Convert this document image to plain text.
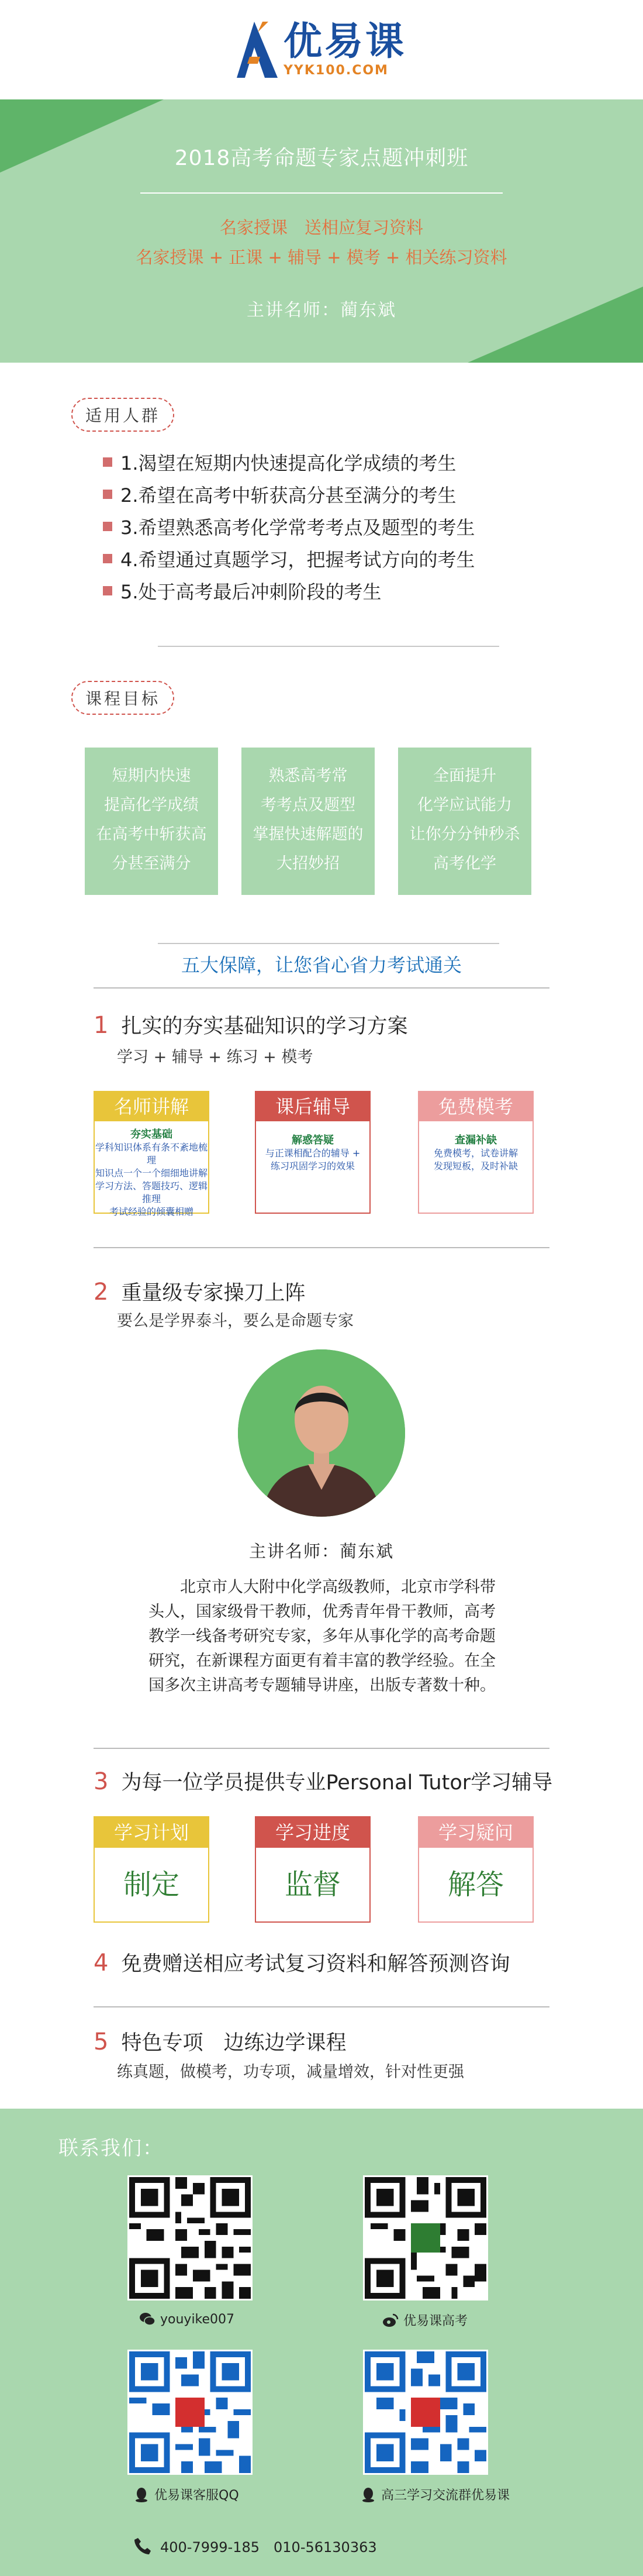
优易课
YYK100.COM
2018高考命题专家点题冲刺班
名家授课　送相应复习资料
名家授课 + 正课 + 辅导 + 模考 + 相关练习资料
主讲名师：蔺东斌
适用人群
1.渴望在短期内快速提高化学成绩的考生
2.希望在高考中斩获高分甚至满分的考生
3.希望熟悉高考化学常考考点及题型的考生
4.希望通过真题学习，把握考试方向的考生
5.处于高考最后冲刺阶段的考生
课程目标
短期内快速
提高化学成绩
在高考中斩获高
分甚至满分
熟悉高考常
考考点及题型
掌握快速解题的
大招妙招
全面提升
化学应试能力
让你分分钟秒杀
高考化学
五大保障，让您省心省力考试通关
1 扎实的夯实基础知识的学习方案
学习 + 辅导 + 练习 + 模考
名师讲解
夯实基础
学科知识体系有条不紊地梳理
知识点一个一个细细地讲解
学习方法、答题技巧、逻辑推理
考试经验的倾囊相赠
课后辅导
解惑答疑
与正课相配合的辅导 +
练习巩固学习的效果
免费模考
查漏补缺
免费模考，试卷讲解
发现短板，及时补缺
2 重量级专家操刀上阵
要么是学界泰斗，要么是命题专家
主讲名师：蔺东斌
北京市人大附中化学高级教师，北京市学科带头人，国家级骨干教师，优秀青年骨干教师，高考教学一线备考研究专家，多年从事化学的高考命题研究，在新课程方面更有着丰富的教学经验。在全国多次主讲高考专题辅导讲座，出版专著数十种。
3 为每一位学员提供专业Personal Tutor学习辅导
学习计划
制定
学习进度
监督
学习疑问
解答
4 免费赠送相应考试复习资料和解答预测咨询
5 特色专项　边练边学课程
练真题，做模考，功专项，减量增效，针对性更强
联系我们：
youyike007	优易课高考
优易课客服QQ	高三学习交流群优易课
400-7999-185　010-56130363
